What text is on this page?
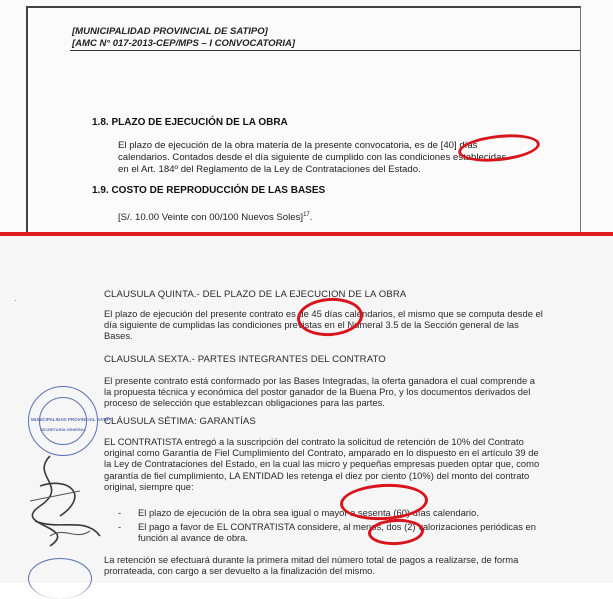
[MUNICIPALIDAD PROVINCIAL DE SATIPO]
[AMC N° 017-2013-CEP/MPS – I CONVOCATORIA]
1.8. PLAZO DE EJECUCIÓN DE LA OBRA
El plazo de ejecución de la obra materia de la presente convocatoria, es de [40] días
calendarios. Contados desde el día siguiente de cumplido con las condiciones establecidas
en el Art. 184º del Reglamento de la Ley de Contrataciones del Estado.
1.9. COSTO DE REPRODUCCIÓN DE LAS BASES
[S/. 10.00 Veinte con 00/100 Nuevos Soles]$^{17}$.
·
CLAUSULA QUINTA.- DEL PLAZO DE LA EJECUCION DE LA OBRA
El plazo de ejecución del presente contrato es de 45 días calendarios, el mismo que se computa desde el
día siguiente de cumplidas las condiciones previstas en el Numeral 3.5 de la Sección general de las
Bases.
CLAUSULA SEXTA.- PARTES INTEGRANTES DEL CONTRATO
El presente contrato está conformado por las Bases Integradas, la oferta ganadora el cual comprende a
la propuesta técnica y económica del postor ganador de la Buena Pro, y los documentos derivados del
proceso de selección que establezcan obligaciones para las partes.
CLÁUSULA SÉTIMA: GARANTÍAS
EL CONTRATISTA entregó a la suscripción del contrato la solicitud de retención de 10% del Contrato
original como Garantía de Fiel Cumplimiento del Contrato, amparado en lo dispuesto en el artículo 39 de
la Ley de Contrataciones del Estado, en la cual las micro y pequeñas empresas pueden optar que, como
garantía de fiel cumplimiento, LA ENTIDAD les retenga el diez por ciento (10%) del monto del contrato
original, siempre que:
- El plazo de ejecución de la obra sea igual o mayor a sesenta (60) días calendario.
- El pago a favor de EL CONTRATISTA considere, al menos, dos (2) valorizaciones periódicas en
función al avance de obra.
La retención se efectuará durante la primera mitad del número total de pagos a realizarse, de forma
prorrateada, con cargo a ser devuelto a la finalización del mismo.
MUNICIPALIDAD PROVINCIAL SATIPO
SECRETARÍA GENERAL
